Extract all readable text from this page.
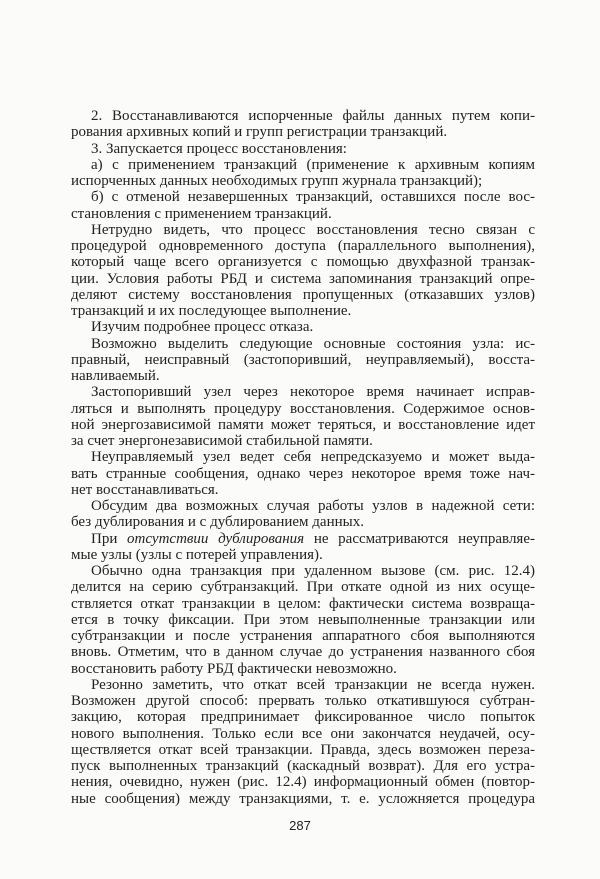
2. Восстанавливаются испорченные файлы данных путем копи-
рования архивных копий и групп регистрации транзакций.
3. Запускается процесс восстановления:
а) с применением транзакций (применение к архивным копиям
испорченных данных необходимых групп журнала транзакций);
б) с отменой незавершенных транзакций, оставшихся после вос-
становления с применением транзакций.
Нетрудно видеть, что процесс восстановления тесно связан с
процедурой одновременного доступа (параллельного выполнения),
который чаще всего организуется с помощью двухфазной транзак-
ции. Условия работы РБД и система запоминания транзакций опре-
деляют систему восстановления пропущенных (отказавших узлов)
транзакций и их последующее выполнение.
Изучим подробнее процесс отказа.
Возможно выделить следующие основные состояния узла: ис-
правный, неисправный (застопоривший, неуправляемый), восста-
навливаемый.
Застопоривший узел через некоторое время начинает исправ-
ляться и выполнять процедуру восстановления. Содержимое основ-
ной энергозависимой памяти может теряться, и восстановление идет
за счет энергонезависимой стабильной памяти.
Неуправляемый узел ведет себя непредсказуемо и может выда-
вать странные сообщения, однако через некоторое время тоже нач-
нет восстанавливаться.
Обсудим два возможных случая работы узлов в надежной сети:
без дублирования и с дублированием данных.
При отсутствии дублирования не рассматриваются неуправляе-
мые узлы (узлы с потерей управления).
Обычно одна транзакция при удаленном вызове (см. рис. 12.4)
делится на серию субтранзакций. При откате одной из них осуще-
ствляется откат транзакции в целом: фактически система возвраща-
ется в точку фиксации. При этом невыполненные транзакции или
субтранзакции и после устранения аппаратного сбоя выполняются
вновь. Отметим, что в данном случае до устранения названного сбоя
восстановить работу РБД фактически невозможно.
Резонно заметить, что откат всей транзакции не всегда нужен.
Возможен другой способ: прервать только откатившуюся субтран-
закцию, которая предпринимает фиксированное число попыток
нового выполнения. Только если все они закончатся неудачей, осу-
ществляется откат всей транзакции. Правда, здесь возможен переза-
пуск выполненных транзакций (каскадный возврат). Для его устра-
нения, очевидно, нужен (рис. 12.4) информационный обмен (повтор-
ные сообщения) между транзакциями, т. е. усложняется процедура
287
